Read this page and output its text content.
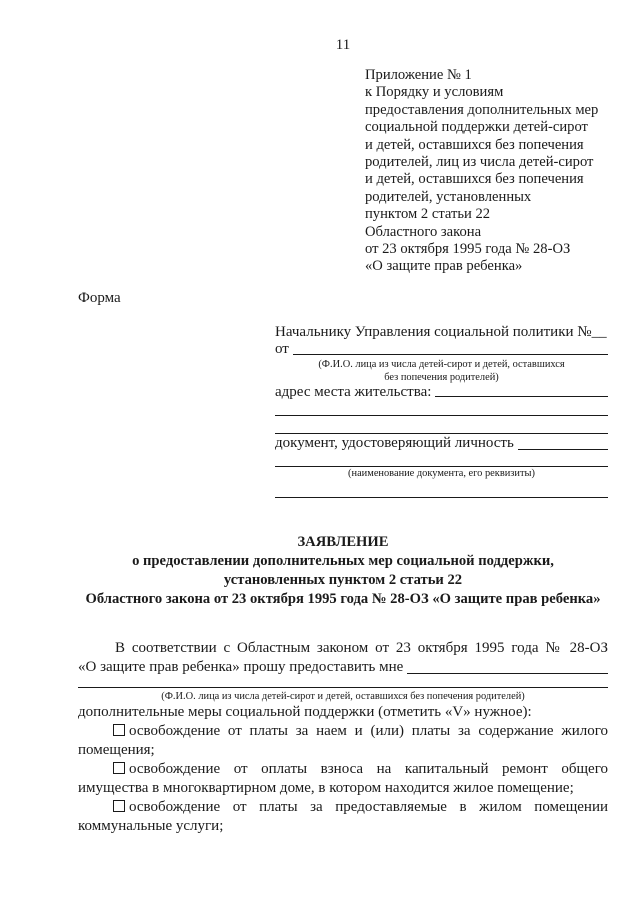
11
Приложение № 1
к Порядку и условиям
предоставления дополнительных мер
социальной поддержки детей-сирот
и детей, оставшихся без попечения
родителей, лиц из числа детей-сирот
и детей, оставшихся без попечения
родителей, установленных
пунктом 2 статьи 22
Областного закона
от 23 октября 1995 года № 28-ОЗ
«О защите прав ребенка»
Форма
Начальнику Управления социальной политики №__
от
(Ф.И.О. лица из числа детей-сирот и детей, оставшихся
без попечения родителей)
адрес места жительства:
документ, удостоверяющий личность
(наименование документа, его реквизиты)
ЗАЯВЛЕНИЕ
о предоставлении дополнительных мер социальной поддержки,
установленных пунктом 2 статьи 22
Областного закона от 23 октября 1995 года № 28-ОЗ «О защите прав ребенка»
В соответствии с Областным законом от 23 октября 1995 года № 28-ОЗ
«О защите прав ребенка» прошу предоставить мне
(Ф.И.О. лица из числа детей-сирот и детей, оставшихся без попечения родителей)
дополнительные меры социальной поддержки (отметить «V» нужное):

освобождение от платы за наем и (или) платы за содержание жилого помещения;

освобождение от оплаты взноса на капитальный ремонт общего имущества в многоквартирном доме, в котором находится жилое помещение;

освобождение от платы за предоставляемые в жилом помещении коммунальные услуги;
